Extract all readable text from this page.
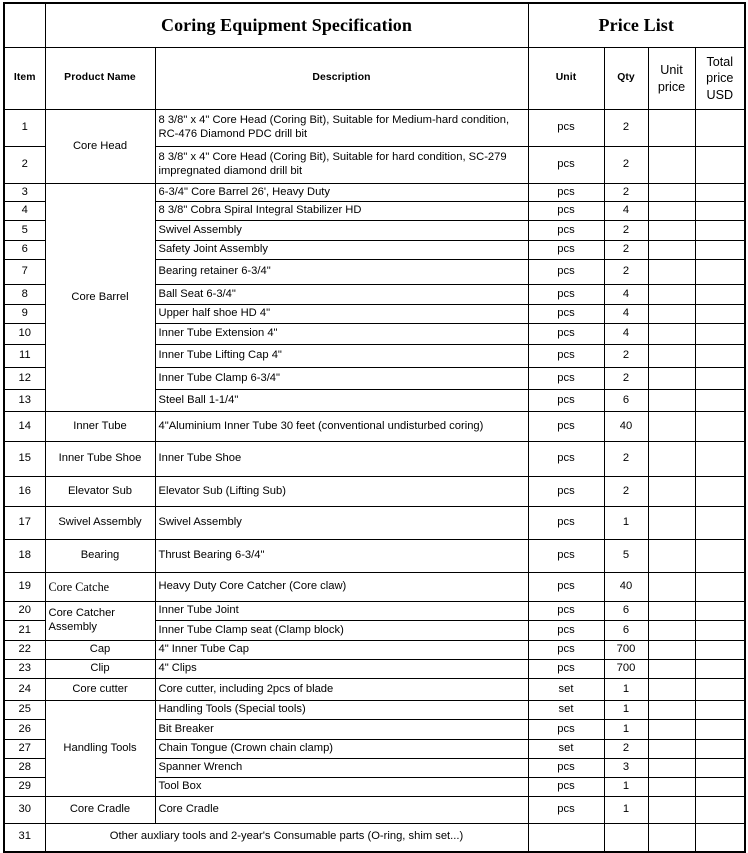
	Coring Equipment Specification		Price List			
Item	Product Name	Description	Unit	Qty	Unit price	Total price USD
1	Core Head	8 3/8" x 4" Core Head (Coring Bit), Suitable for Medium-hard condition, RC-476 Diamond PDC drill bit	pcs	2		
2		8 3/8" x 4" Core Head (Coring Bit), Suitable for hard condition, SC-279 impregnated diamond drill bit	pcs	2		
3	Core Barrel	6-3/4" Core Barrel 26', Heavy Duty	pcs	2		
4		8 3/8" Cobra Spiral Integral Stabilizer HD	pcs	4		
5		Swivel Assembly	pcs	2		
6		Safety Joint Assembly	pcs	2		
7		Bearing retainer 6-3/4"	pcs	2		
8		Ball Seat 6-3/4"	pcs	4		
9		Upper half shoe HD 4"	pcs	4		
10		Inner Tube Extension 4"	pcs	4		
11		Inner Tube Lifting Cap 4"	pcs	2		
12		Inner Tube Clamp 6-3/4"	pcs	2		
13		Steel Ball 1-1/4"	pcs	6		
14	Inner Tube	4"Aluminium Inner Tube 30 feet (conventional undisturbed coring)	pcs	40		
15	Inner Tube Shoe	Inner Tube Shoe	pcs	2		
16	Elevator Sub	Elevator Sub (Lifting Sub)	pcs	2		
17	Swivel Assembly	Swivel Assembly	pcs	1		
18	Bearing	Thrust Bearing 6-3/4"	pcs	5		
19	Core Catche	Heavy Duty Core Catcher (Core claw)	pcs	40		
20	Core Catcher Assembly	Inner Tube Joint	pcs	6		
21		Inner Tube Clamp seat (Clamp block)	pcs	6		
22	Cap	4" Inner Tube Cap	pcs	700		
23	Clip	4" Clips	pcs	700		
24	Core cutter	Core cutter, including 2pcs of blade	set	1		
25	Handling Tools	Handling Tools (Special tools)	set	1		
26		Bit Breaker	pcs	1		
27		Chain Tongue (Crown chain clamp)	set	2		
28		Spanner Wrench	pcs	3		
29		Tool Box	pcs	1		
30	Core Cradle	Core Cradle	pcs	1		
31	Other auxliary tools and 2-year's Consumable parts (O-ring, shim set...)					
